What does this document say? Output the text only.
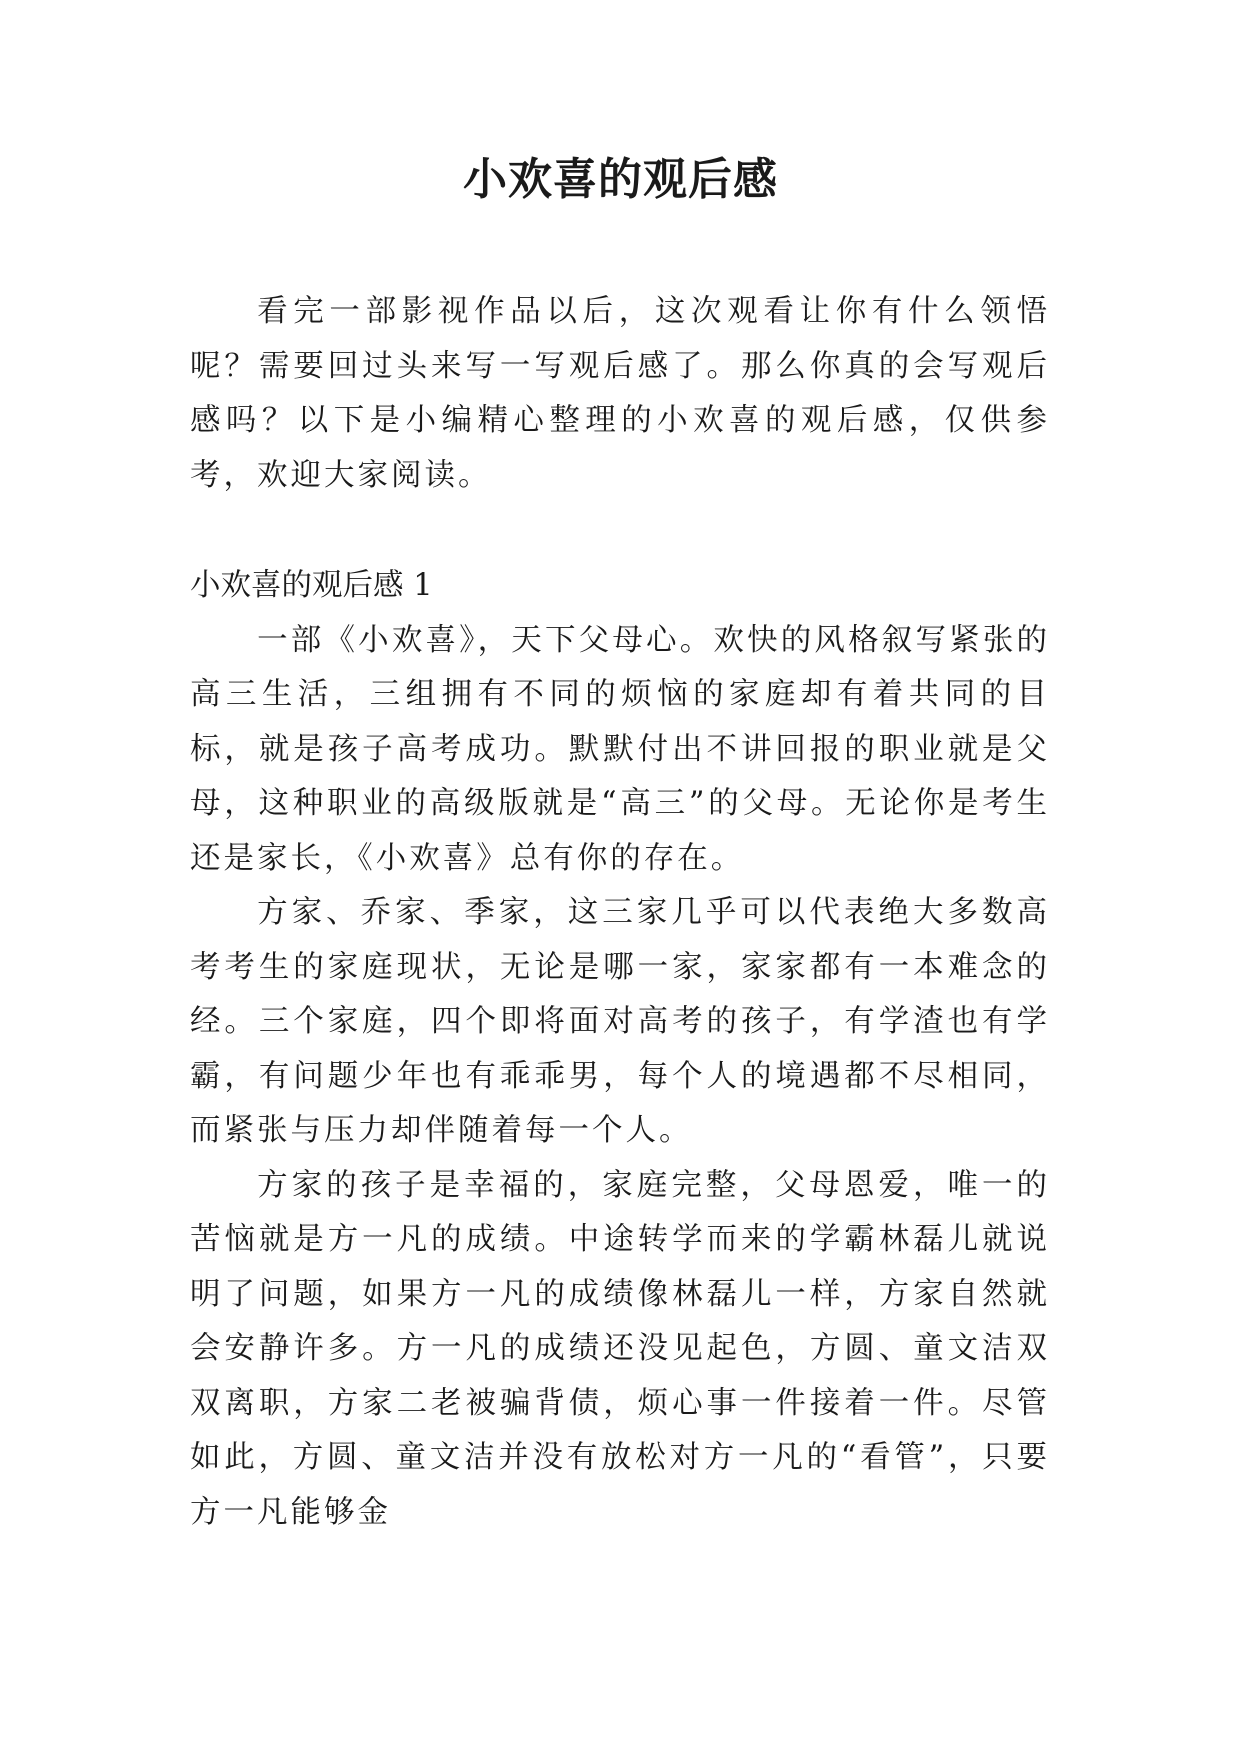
小欢喜的观后感

看完一部影视作品以后，这次观看让你有什么领悟呢？需要回过头来写一写观后感了。那么你真的会写观后感吗？以下是小编精心整理的小欢喜的观后感，仅供参考，欢迎大家阅读。

小欢喜的观后感 1

一部《小欢喜》，天下父母心。欢快的风格叙写紧张的高三生活，三组拥有不同的烦恼的家庭却有着共同的目标，就是孩子高考成功。默默付出不讲回报的职业就是父母，这种职业的高级版就是“高三”的父母。无论你是考生还是家长，《小欢喜》总有你的存在。

方家、乔家、季家，这三家几乎可以代表绝大多数高考考生的家庭现状，无论是哪一家，家家都有一本难念的经。三个家庭，四个即将面对高考的孩子，有学渣也有学霸，有问题少年也有乖乖男，每个人的境遇都不尽相同，而紧张与压力却伴随着每一个人。

方家的孩子是幸福的，家庭完整，父母恩爱，唯一的苦恼就是方一凡的成绩。中途转学而来的学霸林磊儿就说明了问题，如果方一凡的成绩像林磊儿一样，方家自然就会安静许多。方一凡的成绩还没见起色，方圆、童文洁双双离职，方家二老被骗背债，烦心事一件接着一件。尽管如此，方圆、童文洁并没有放松对方一凡的“看管”，只要方一凡能够金
